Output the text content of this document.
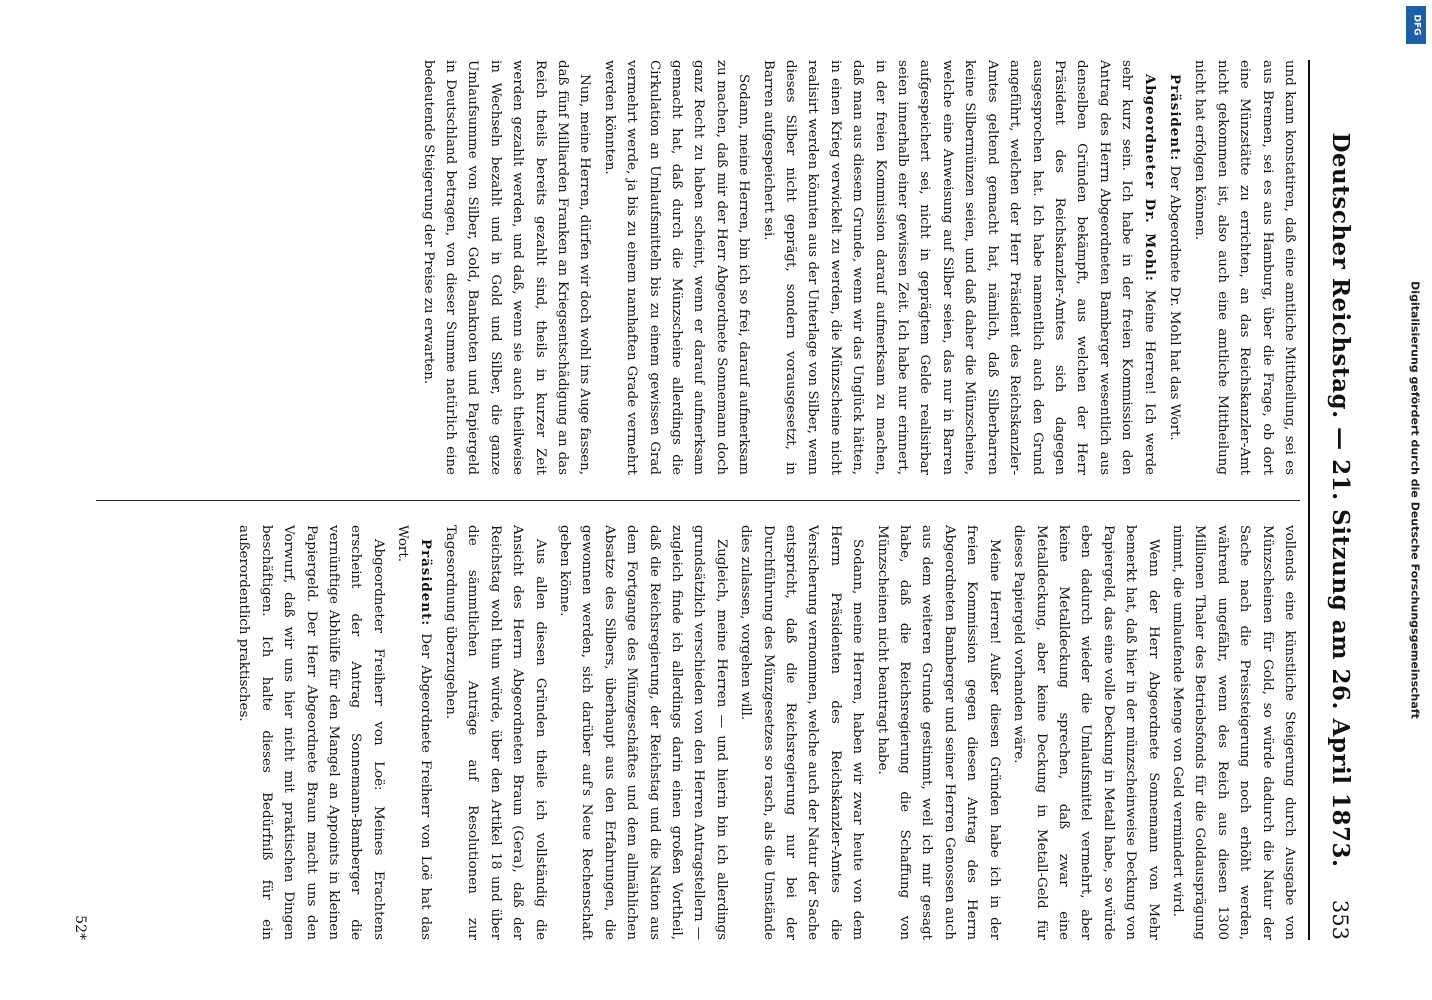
Deutscher Reichstag. — 21. Sitzung am 26. April 1873.
353

und kann konstatiren, daß eine amtliche Mittheilung, sei es aus Bremen, sei es aus Hamburg, über die Frage, ob dort eine Münzstätte zu errichten, an das Reichskanzler-Amt nicht gekommen ist, also auch eine amtliche Mittheilung nicht hat erfolgen können.

Präsident: Der Abgeordnete Dr. Mohl hat das Wort.

Abgeordneter Dr. Mohl: Meine Herren! Ich werde sehr kurz sein. Ich habe in der freien Kommission den Antrag des Herrn Abgeordneten Bamberger wesentlich aus denselben Gründen bekämpft, aus welchen der Herr Präsident des Reichskanzler-Amtes sich dagegen ausgesprochen hat. Ich habe namentlich auch den Grund angeführt, welchen der Herr Präsident des Reichskanzler-Amtes geltend gemacht hat, nämlich, daß Silberbarren keine Silbermünzen seien, und daß daher die Münzscheine, welche eine Anweisung auf Silber seien, das nur in Barren aufgespeichert sei, nicht in geprägtem Gelde realisirbar seien innerhalb einer gewissen Zeit. Ich habe nur erinnert, in der freien Kommission darauf aufmerksam zu machen, daß man aus diesem Grunde, wenn wir das Unglück hätten, in einen Krieg verwickelt zu werden, die Münzscheine nicht realisirt werden könnten aus der Unterlage von Silber, wenn dieses Silber nicht geprägt, sondern vorausgesetzt, in Barren aufgespeichert sei.

Sodann, meine Herren, bin ich so frei, darauf aufmerksam zu machen, daß mir der Herr Abgeordnete Sonnemann doch ganz Recht zu haben scheint, wenn er darauf aufmerksam gemacht hat, daß durch die Münzscheine allerdings die Cirkulation an Umlaufsmitteln bis zu einem gewissen Grad vermehrt werde, ja bis zu einem namhaften Grade vermehrt werden könnten.

Nun, meine Herren, dürfen wir doch wohl ins Auge fassen, daß fünf Milliarden Franken an Kriegsentschädigung an das Reich theils bereits gezahlt sind, theils in kurzer Zeit werden gezahlt werden, und daß, wenn sie auch theilweise in Wechseln bezahlt und in Gold und Silber, die ganze Umlaufsumme von Silber, Gold, Banknoten und Papiergeld in Deutschland betragen, von dieser Summe natürlich eine bedeutende Steigerung der Preise zu erwarten.

vollends eine künstliche Steigerung durch Ausgabe von Münzscheinen für Gold, so würde dadurch die Natur der Sache nach die Preissteigerung noch erhöht werden, während ungefähr, wenn des Reich aus diesen 1300 Millionen Thaler des Betriebsfonds für die Goldausprägung nimmt, die umlaufende Menge von Geld vermindert wird.

Wenn der Herr Abgeordnete Sonnemann von Mehr bemerkt hat, daß hier in der münzscheinweise Deckung von Papiergeld, das eine volle Deckung in Metall habe, so würde eben dadurch wieder die Umlaufsmittel vermehrt, aber keine Metalldeckung sprechen, daß zwar eine Metalldeckung, aber keine Deckung in Metall-Geld für dieses Papiergeld vorhanden wäre.

Meine Herren! Außer diesen Gründen habe ich in der freien Kommission gegen diesen Antrag des Herrn Abgeordneten Bamberger und seiner Herren Genossen auch aus dem weiteren Grunde gestimmt, weil ich mir gesagt habe, daß die Reichsregierung die Schaffung von Münzscheinen nicht beantragt habe.

Sodann, meine Herren, haben wir zwar heute von dem Herrn Präsidenten des Reichskanzler-Amtes die Versicherung vernommen, welche auch der Natur der Sache entspricht, daß die Reichsregierung nur bei der Durchführung des Münzgesetzes so rasch, als die Umstände dies zulassen, vorgehen will.

Zugleich, meine Herren — und hierin bin ich allerdings grundsätzlich verschieden von den Herren Antragstellern — zugleich finde ich allerdings darin einen großen Vortheil, daß die Reichsregierung, der Reichstag und die Nation aus dem Fortgange des Münzgeschäftes und dem allmählichen Absatze des Silbers, überhaupt aus den Erfahrungen, die gewonnen werden, sich darüber auf's Neue Rechenschaft geben könne.

Aus allen diesen Gründen theile ich vollständig die Ansicht des Herrn Abgeordneten Braun (Gera), daß der Reichstag wohl thun würde, über den Artikel 18 und über die sämmtlichen Anträge auf Resolutionen zur Tagesordnung überzugehen.

Präsident: Der Abgeordnete Freiherr von Loë hat das Wort.

Abgeordneter Freiherr von Loë: Meines Erachtens erscheint der Antrag Sonnemann-Bamberger die vernünftige Abhülfe für den Mangel an Appoints in kleinen Papiergeld. Der Herr Abgeordnete Braun macht uns den Vorwurf, daß wir uns hier nicht mit praktischen Dingen beschäftigen. Ich halte dieses Bedürfniß für ein außerordentlich praktisches.

52*
Digitalisierung gefördert durch die Deutsche Forschungsgemeinschaft
DFG
